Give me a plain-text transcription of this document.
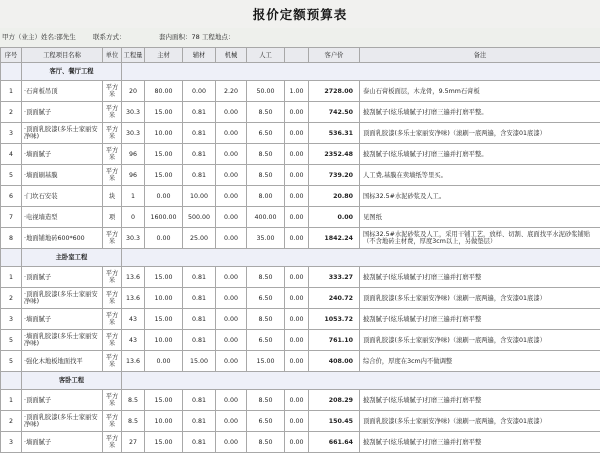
报价定额预算表
甲方（业主）姓名:邵先生	联系方式：	套内面积：78 工程地点：
序号	工程项目名称	单位	工程量	主材	辅材	机械	人工		客户价	备注
	客厅、餐厅工程									
1	·石膏板吊顶	平方米	20	80.00	0.00	2.20	50.00	1.00	2728.00	泰山石膏板面层，木龙骨，9.5mm石膏板
2	·顶面腻子	平方米	30.3	15.00	0.81	0.00	8.50	0.00	742.50	披刮腻子(炫乐墙腻子)打磨三遍并打磨平整。
3	·顶面乳胶漆(多乐士家丽安净味)	平方米	30.3	10.00	0.81	0.00	6.50	0.00	536.31	顶面乳胶漆(多乐士家丽安净味)（滚刷一底两遍，含安漆01底漆）
4	·墙面腻子	平方米	96	15.00	0.81	0.00	8.50	0.00	2352.48	披刮腻子(炫乐墙腻子)打磨三遍并打磨平整。
5	·墙面刷基膜	平方米	96	15.00	0.81	0.00	8.50	0.00	739.20	人工费,基膜在卖墙纸等里买。
6	·门坎石安装	块	1	0.00	10.00	0.00	8.00	0.00	20.80	国标32.5#水泥砂浆及人工。
7	·电视墙造型	项	0	1600.00	500.00	0.00	400.00	0.00	0.00	见图纸
8	·地面铺地砖600*600	平方米	30.3	0.00	25.00	0.00	35.00	0.00	1842.24	国标32.5#水泥砂浆及人工，采用干铺工艺，放样、切割、底面找平水泥砂浆铺贴（不含地砖主材费，厚度3cm以上，另做垫层）
	主卧室工程									
1	·顶面腻子	平方米	13.6	15.00	0.81	0.00	8.50	0.00	333.27	披刮腻子(炫乐墙腻子)打磨三遍并打磨平整
2	·顶面乳胶漆(多乐士家丽安净味)	平方米	13.6	10.00	0.81	0.00	6.50	0.00	240.72	顶面乳胶漆(多乐士家丽安净味)（滚刷一底两遍，含安漆01底漆）
3	·墙面腻子	平方米	43	15.00	0.81	0.00	8.50	0.00	1053.72	披刮腻子(炫乐墙腻子)打磨三遍并打磨平整
5	·墙面乳胶漆(多乐士家丽安净味)	平方米	43	10.00	0.81	0.00	6.50	0.00	761.10	顶面乳胶漆(多乐士家丽安净味)（滚刷一底两遍，含安漆01底漆）
5	·强化木地板地面找平	平方米	13.6	0.00	15.00	0.00	15.00	0.00	408.00	综合价，厚度在3cm内不做调整
	客卧工程									
1	·顶面腻子	平方米	8.5	15.00	0.81	0.00	8.50	0.00	208.29	披刮腻子(炫乐墙腻子)打磨三遍并打磨平整
2	·顶面乳胶漆(多乐士家丽安净味)	平方米	8.5	10.00	0.81	0.00	6.50	0.00	150.45	顶面乳胶漆(多乐士家丽安净味)（滚刷一底两遍，含安漆01底漆）
3	·墙面腻子	平方米	27	15.00	0.81	0.00	8.50	0.00	661.64	披刮腻子(炫乐墙腻子)打磨三遍并打磨平整
